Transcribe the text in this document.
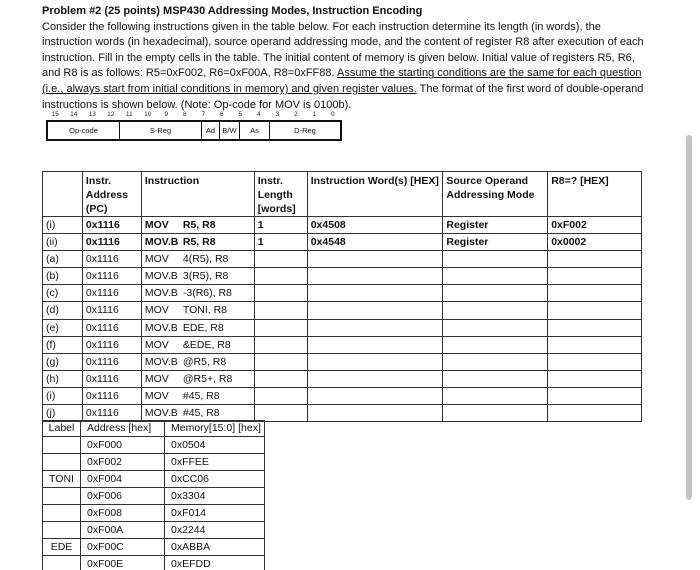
Problem #2 (25 points) MSP430 Addressing Modes, Instruction Encoding
Consider the following instructions given in the table below. For each instruction determine its length (in words), the instruction words (in hexadecimal), source operand addressing mode, and the content of register R8 after execution of each instruction. Fill in the empty cells in the table. The initial content of memory is given below. Initial value of registers R5, R6, and R8 is as follows: R5=0xF002, R6=0xF00A, R8=0xFF88. Assume the starting conditions are the same for each question (i.e., always start from initial conditions in memory) and given register values. The format of the first word of double-operand instructions is shown below. (Note: Op-code for MOV is 0100b).
15 14 13 12 11 10 9 8 7 6 5 4 3 2 1 0
Op-code	S-Reg	Ad B/W	As	D-Reg
	Instr. Address (PC)	Instruction	Instr. Length [words]	Instruction Word(s) [HEX]	Source Operand Addressing Mode	R8=? [HEX]
(i)	0x1116	MOV R5, R8	1	0x4508	Register	0xF002
(ii)	0x1116	MOV.B R5, R8	1	0x4548	Register	0x0002
(a)	0x1116	MOV 4(R5), R8				
(b)	0x1116	MOV.B 3(R5), R8				
(c)	0x1116	MOV.B -3(R6), R8				
(d)	0x1116	MOV TONI, R8				
(e)	0x1116	MOV.B EDE, R8				
(f)	0x1116	MOV &EDE, R8				
(g)	0x1116	MOV.B @R5, R8				
(h)	0x1116	MOV @R5+, R8				
(i)	0x1116	MOV #45, R8				
(j)	0x1116	MOV.B #45, R8				
Label	Address [hex]	Memory[15:0] [hex]
	0xF000	0x0504
	0xF002	0xFFEE
TONI	0xF004	0xCC06
	0xF006	0x3304
	0xF008	0xF014
	0xF00A	0x2244
EDE	0xF00C	0xABBA
	0xF00E	0xEFDD
